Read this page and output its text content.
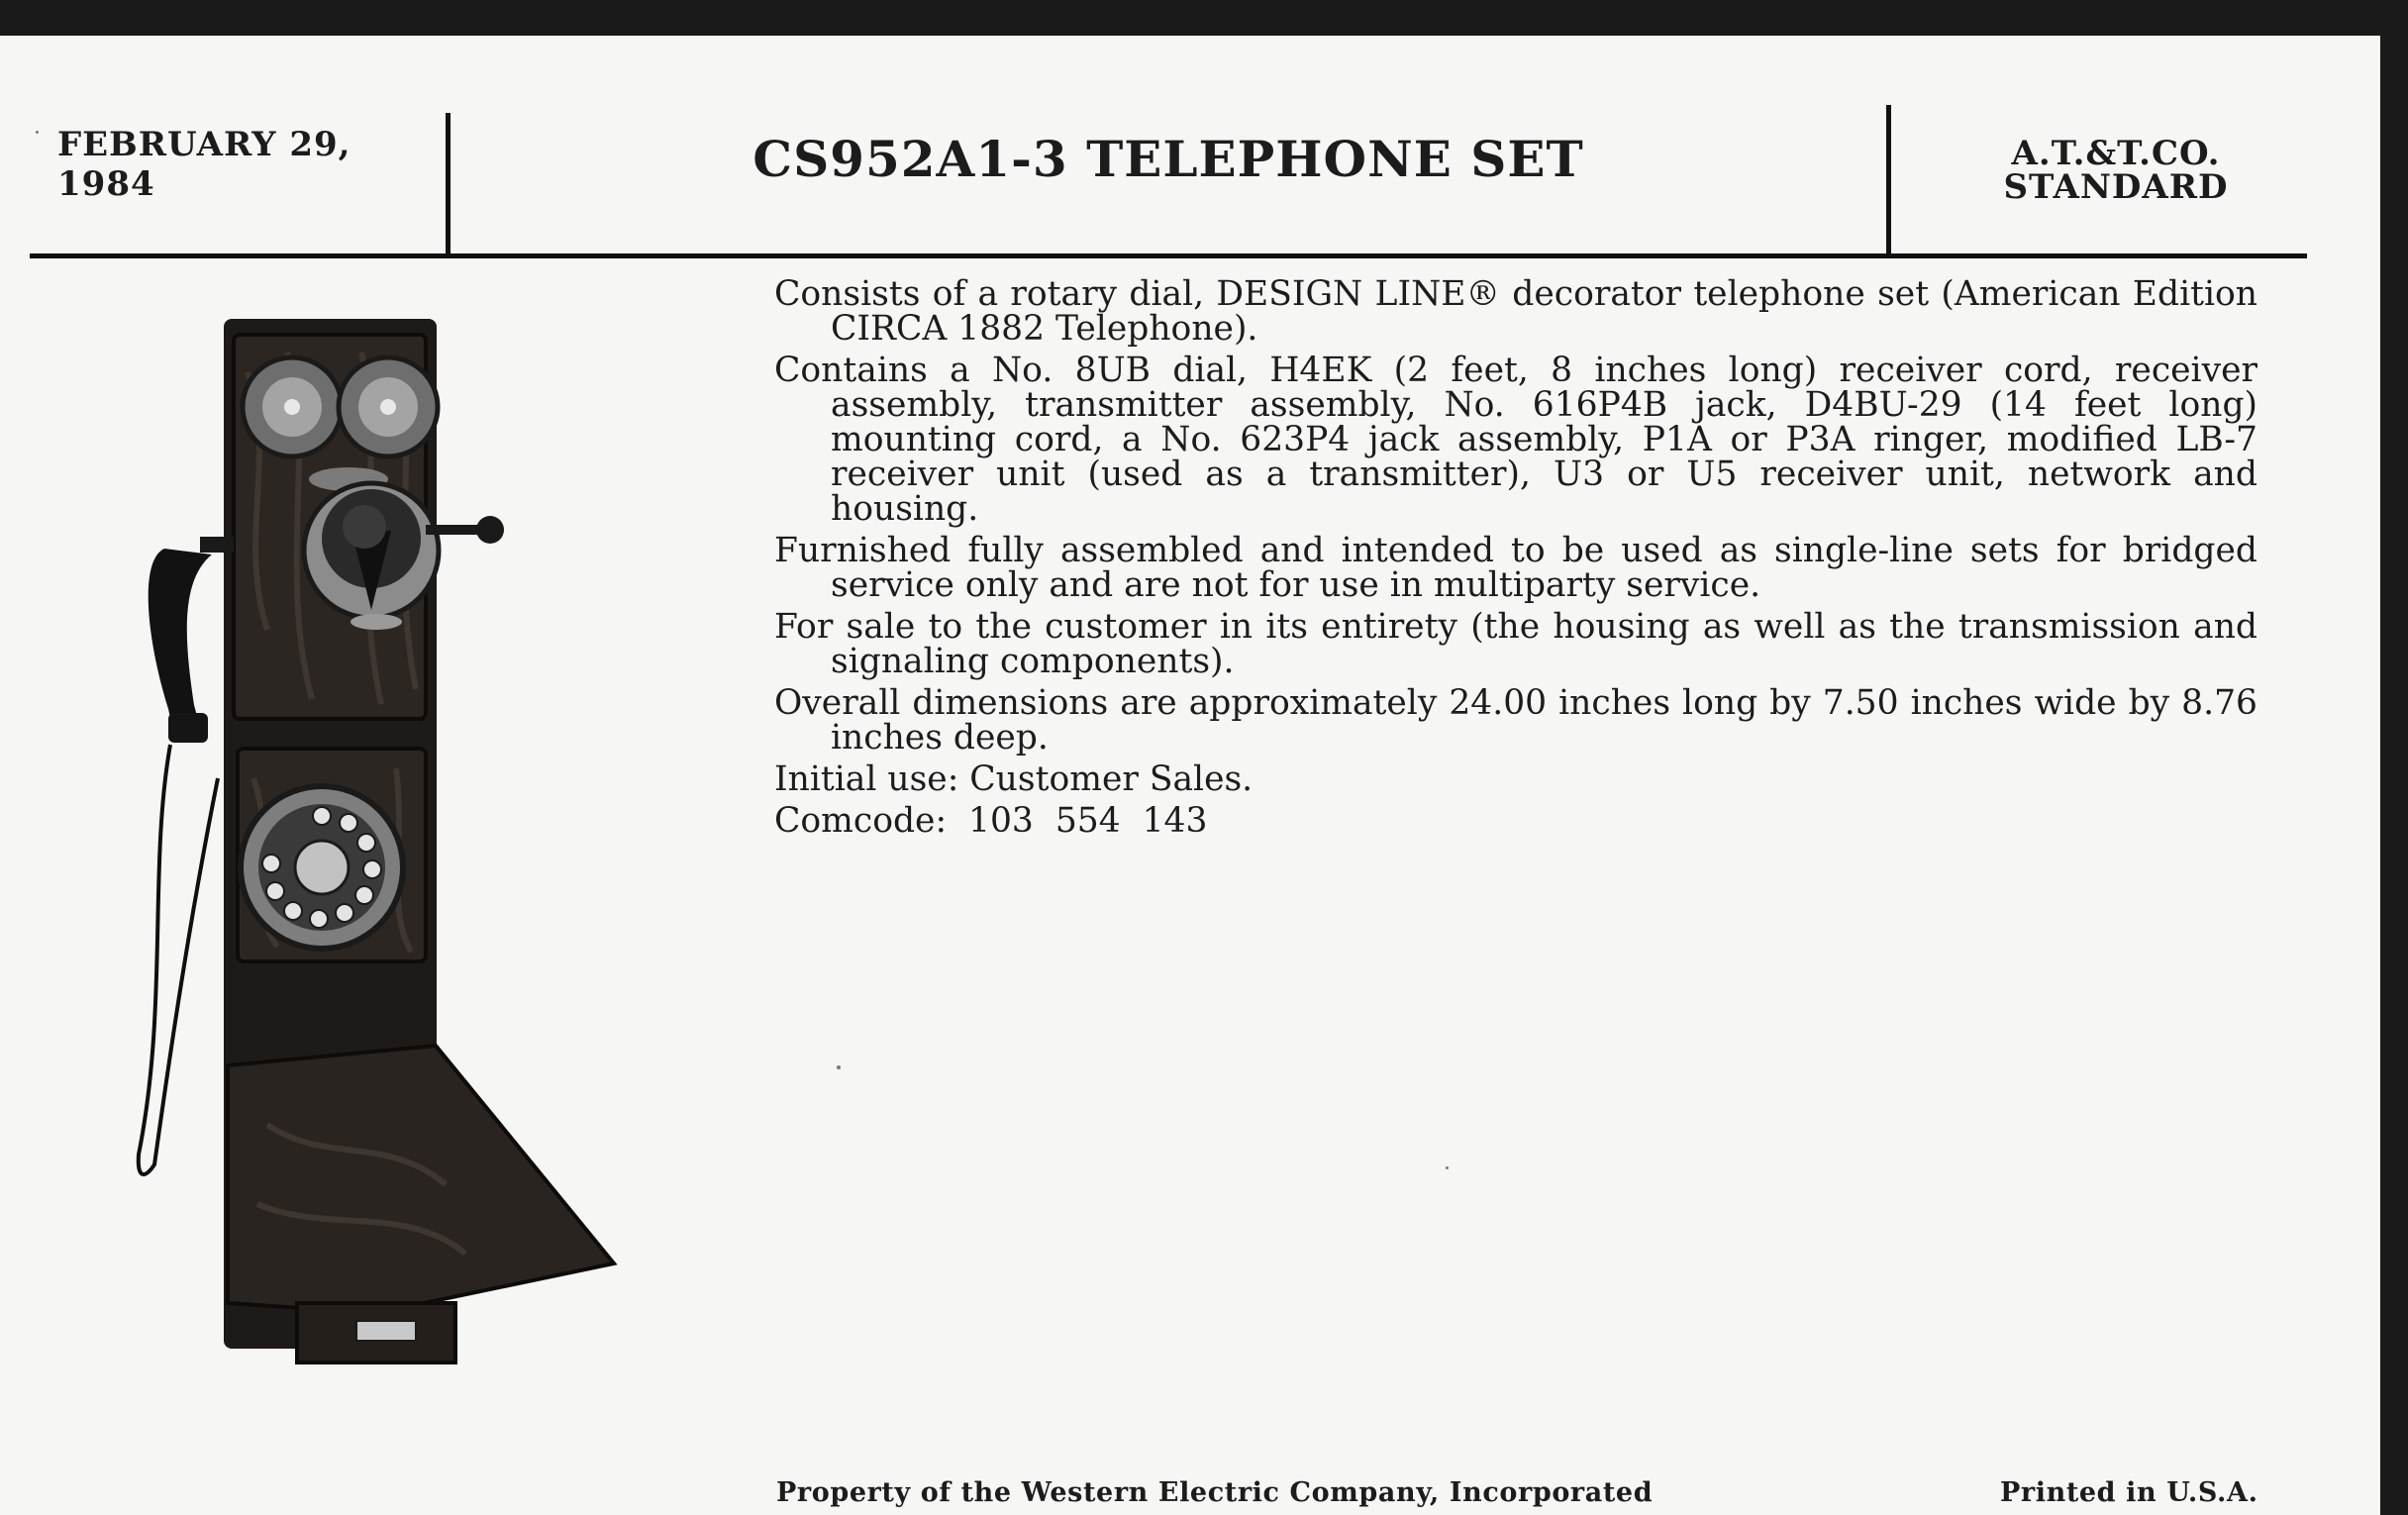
FEBRUARY 29, 1984	CS952A1-3 TELEPHONE SET	A.T.&T.CO.
STANDARD

Consists of a rotary dial, DESIGN LINE® decorator telephone set (American Edition CIRCA 1882 Telephone).

Contains a No. 8UB dial, H4EK (2 feet, 8 inches long) receiver cord, receiver assembly, transmitter assembly, No. 616P4B jack, D4BU-29 (14 feet long) mounting cord, a No. 623P4 jack assembly, P1A or P3A ringer, modified LB-7 receiver unit (used as a transmitter), U3 or U5 receiver unit, network and housing.

Furnished fully assembled and intended to be used as single-line sets for bridged service only and are not for use in multiparty service.

For sale to the customer in its entirety (the housing as well as the transmission and signaling components).

Overall dimensions are approximately 24.00 inches long by 7.50 inches wide by 8.76 inches deep.

Initial use: Customer Sales.

Comcode:  103  554  143

Property of the Western Electric Company, Incorporated	Printed in U.S.A.
